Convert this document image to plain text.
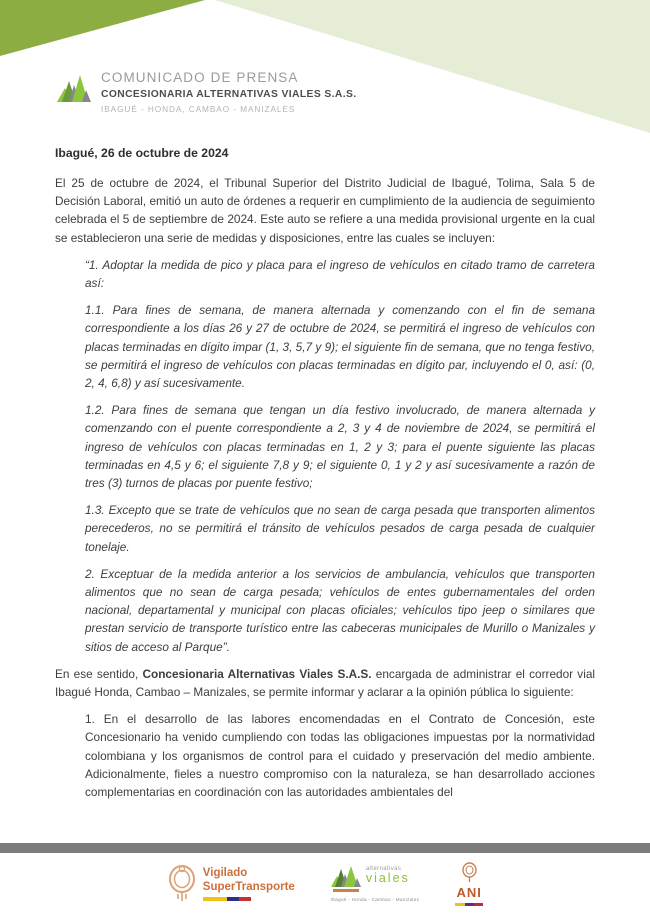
COMUNICADO DE PRENSA
CONCESIONARIA ALTERNATIVAS VIALES S.A.S.
IBAGUÉ - HONDA, CAMBAO - MANIZALES

Ibagué, 26 de octubre de 2024

El 25 de octubre de 2024, el Tribunal Superior del Distrito Judicial de Ibagué, Tolima, Sala 5 de Decisión Laboral, emitió un auto de órdenes a requerir en cumplimiento de la audiencia de seguimiento celebrada el 5 de septiembre de 2024. Este auto se refiere a una medida provisional urgente en la cual se establecieron una serie de medidas y disposiciones, entre las cuales se incluyen:

“1. Adoptar la medida de pico y placa para el ingreso de vehículos en citado tramo de carretera así:

1.1. Para fines de semana, de manera alternada y comenzando con el fin de semana correspondiente a los días 26 y 27 de octubre de 2024, se permitirá el ingreso de vehículos con placas terminadas en dígito impar (1, 3, 5,7 y 9); el siguiente fin de semana, que no tenga festivo, se permitirá el ingreso de vehículos con placas terminadas en dígito par, incluyendo el 0, así: (0, 2, 4, 6,8) y así sucesivamente.

1.2. Para fines de semana que tengan un día festivo involucrado, de manera alternada y comenzando con el puente correspondiente a 2, 3 y 4 de noviembre de 2024, se permitirá el ingreso de vehículos con placas terminadas en 1, 2 y 3; para el puente siguiente las placas terminadas en 4,5 y 6; el siguiente 7,8 y 9; el siguiente 0, 1 y 2 y así sucesivamente a razón de tres (3) turnos de placas por puente festivo;

1.3. Excepto que se trate de vehículos que no sean de carga pesada que transporten alimentos perecederos, no se permitirá el tránsito de vehículos pesados de carga pesada de cualquier tonelaje.

2. Exceptuar de la medida anterior a los servicios de ambulancia, vehículos que transporten alimentos que no sean de carga pesada; vehículos de entes gubernamentales del orden nacional, departamental y municipal con placas oficiales; vehículos tipo jeep o similares que prestan servicio de transporte turístico entre las cabeceras municipales de Murillo o Manizales y sitios de acceso al Parque”.

En ese sentido, Concesionaria Alternativas Viales S.A.S. encargada de administrar el corredor vial Ibagué Honda, Cambao – Manizales, se permite informar y aclarar a la opinión pública lo siguiente:

1. En el desarrollo de las labores encomendadas en el Contrato de Concesión, este Concesionario ha venido cumpliendo con todas las obligaciones impuestas por la normatividad colombiana y los organismos de control para el cuidado y preservación del medio ambiente. Adicionalmente, fieles a nuestro compromiso con la naturaleza, se han desarrollado acciones complementarias en coordinación con las autoridades ambientales del

Vigilado
SuperTransporte
alternativas
viales
Ibagué - Honda - Cambao - Manizales	ANI
